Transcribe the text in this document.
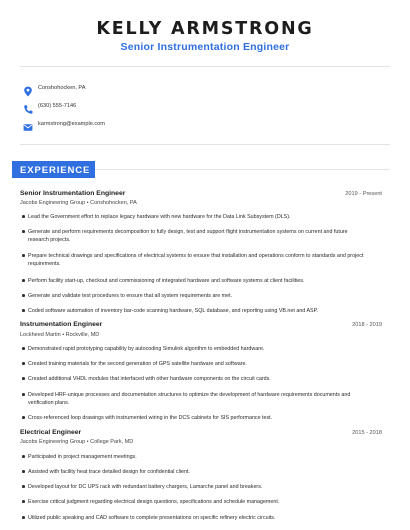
KELLY ARMSTRONG
Senior Instrumentation Engineer
Conshohocken, PA
(630) 555-7146
karmstrong@example.com
EXPERIENCE
Senior Instrumentation Engineer	2019 - Present
Jacobs Engineering Group • Conshohocken, PA
Lead the Government effort to replace legacy hardware with new hardware for the Data Link Subsystem (DLS).
Generate and perform requirements decomposition to fully design, test and support flight instrumentation systems on current and future research projects.
Prepare technical drawings and specifications of electrical systems to ensure that installation and operations conform to standards and project requirements.
Perform facility start-up, checkout and commissioning of integrated hardware and software systems at client facilities.
Generate and validate test procedures to ensure that all system requirements are met.
Coded software automation of inventory bar-code scanning hardware, SQL database, and reporting using VB.net and ASP.
Instrumentation Engineer	2018 - 2019
Lockheed Martin • Rockville, MD
Demonstrated rapid prototyping capability by autocoding Simulink algorithm to embedded hardware.
Created training materials for the second generation of GPS satellite hardware and software.
Created additional VHDL modules that interfaced with other hardware components on the circuit cards.
Developed HRF-unique processes and documentation structures to optimize the development of hardware requirements documents and verification plans.
Cross-referenced loop drawings with instrumented wiring in the DCS cabinets for SIS performance test.
Electrical Engineer	2015 - 2018
Jacobs Engineering Group • College Park, MD
Participated in project management meetings.
Assisted with facility heat trace detailed design for confidential client.
Developed layout for DC UPS rack with redundant battery chargers, Lamarche panel and breakers.
Exercise critical judgment regarding electrical design questions, specifications and schedule management.
Utilized public speaking and CAD software to complete presentations on specific refinery electric circuits.
